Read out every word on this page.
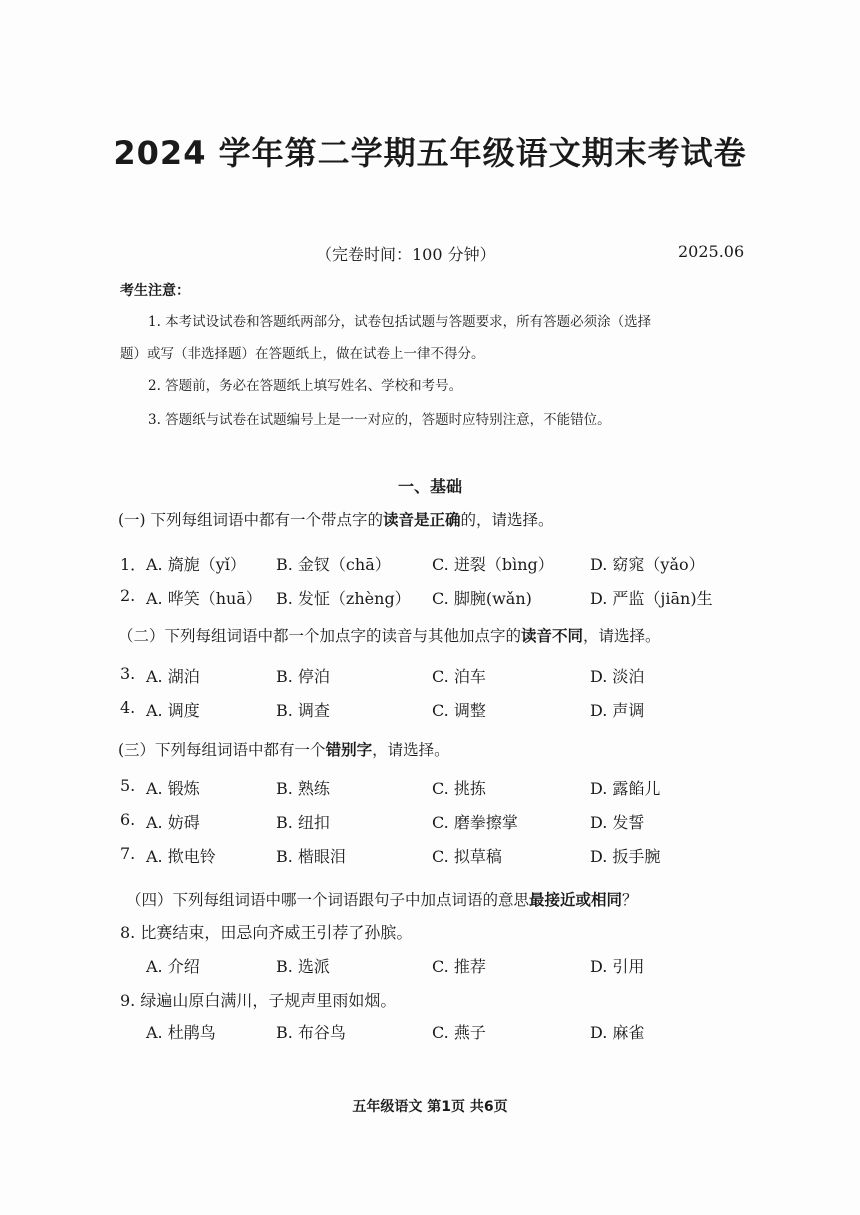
2024 学年第二学期五年级语文期末考试卷
（完卷时间：100 分钟）	2025.06
考生注意：
1. 本考试设试卷和答题纸两部分，试卷包括试题与答题要求，所有答题必须涂（选择
题）或写（非选择题）在答题纸上，做在试卷上一律不得分。
2. 答题前，务必在答题纸上填写姓名、学校和考号。
3. 答题纸与试卷在试题编号上是一一对应的，答题时应特别注意，不能错位。
一、基础
(一) 下列每组词语中都有一个带点字的读音是正确的，请选择。
1． A. 旖旎（yǐ） B. 金钗（chā）	C. 迸裂（bìng） D. 窈窕（yǎo）
2. A. 哗笑（huā） B. 发怔（zhèng） C. 脚腕(wǎn)	D. 严监（jiān)生
（二）下列每组词语中都一个加点字的读音与其他加点字的读音不同，请选择。
3. A. 湖泊	B. 停泊	C. 泊车	D. 淡泊
4. A. 调度	B. 调查	C. 调整	D. 声调
(三）下列每组词语中都有一个错别字，请选择。
5. A. 锻炼	B. 熟练	C. 挑拣	D. 露餡儿
6. A. 妨碍	B. 纽扣	C. 磨拳擦掌	D. 发誓
7. A. 揿电铃	B. 楷眼泪	C. 拟草稿	D. 扳手腕
（四）下列每组词语中哪一个词语跟句子中加点词语的意思最接近或相同？
8. 比赛结束，田忌向齐威王引荐了孙膑。
A. 介绍	B. 选派	C. 推荐	D. 引用
9. 绿遍山原白满川，子规声里雨如烟。
A. 杜鹃鸟	B. 布谷鸟	C. 燕子	D. 麻雀
五年级语文 第1页 共6页
